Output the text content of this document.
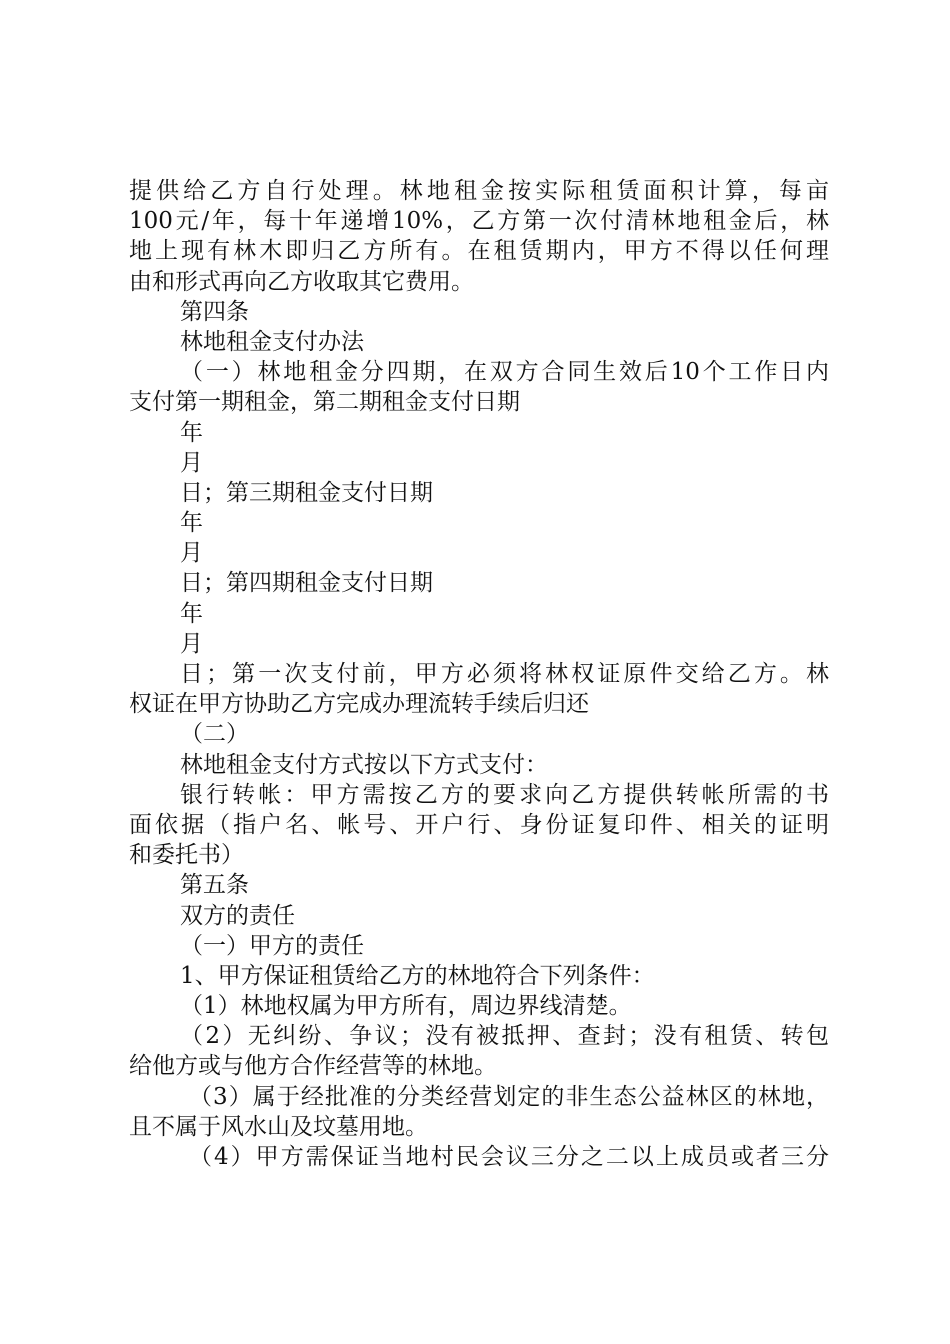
提供给乙方自行处理。林地租金按实际租赁面积计算，每亩
100元/年，每十年递增10%，乙方第一次付清林地租金后，林
地上现有林木即归乙方所有。在租赁期内，甲方不得以任何理
由和形式再向乙方收取其它费用。
第四条
林地租金支付办法
（一）林地租金分四期，在双方合同生效后10个工作日内
支付第一期租金，第二期租金支付日期
年
月
日；第三期租金支付日期
年
月
日；第四期租金支付日期
年
月
日；第一次支付前，甲方必须将林权证原件交给乙方。林
权证在甲方协助乙方完成办理流转手续后归还
（二）
林地租金支付方式按以下方式支付：
银行转帐：甲方需按乙方的要求向乙方提供转帐所需的书
面依据（指户名、帐号、开户行、身份证复印件、相关的证明
和委托书）
第五条
双方的责任
（一）甲方的责任
1、甲方保证租赁给乙方的林地符合下列条件：
（1）林地权属为甲方所有，周边界线清楚。
（2）无纠纷、争议；没有被抵押、查封；没有租赁、转包
给他方或与他方合作经营等的林地。
（3）属于经批准的分类经营划定的非生态公益林区的林地，
且不属于风水山及坟墓用地。
（4）甲方需保证当地村民会议三分之二以上成员或者三分
